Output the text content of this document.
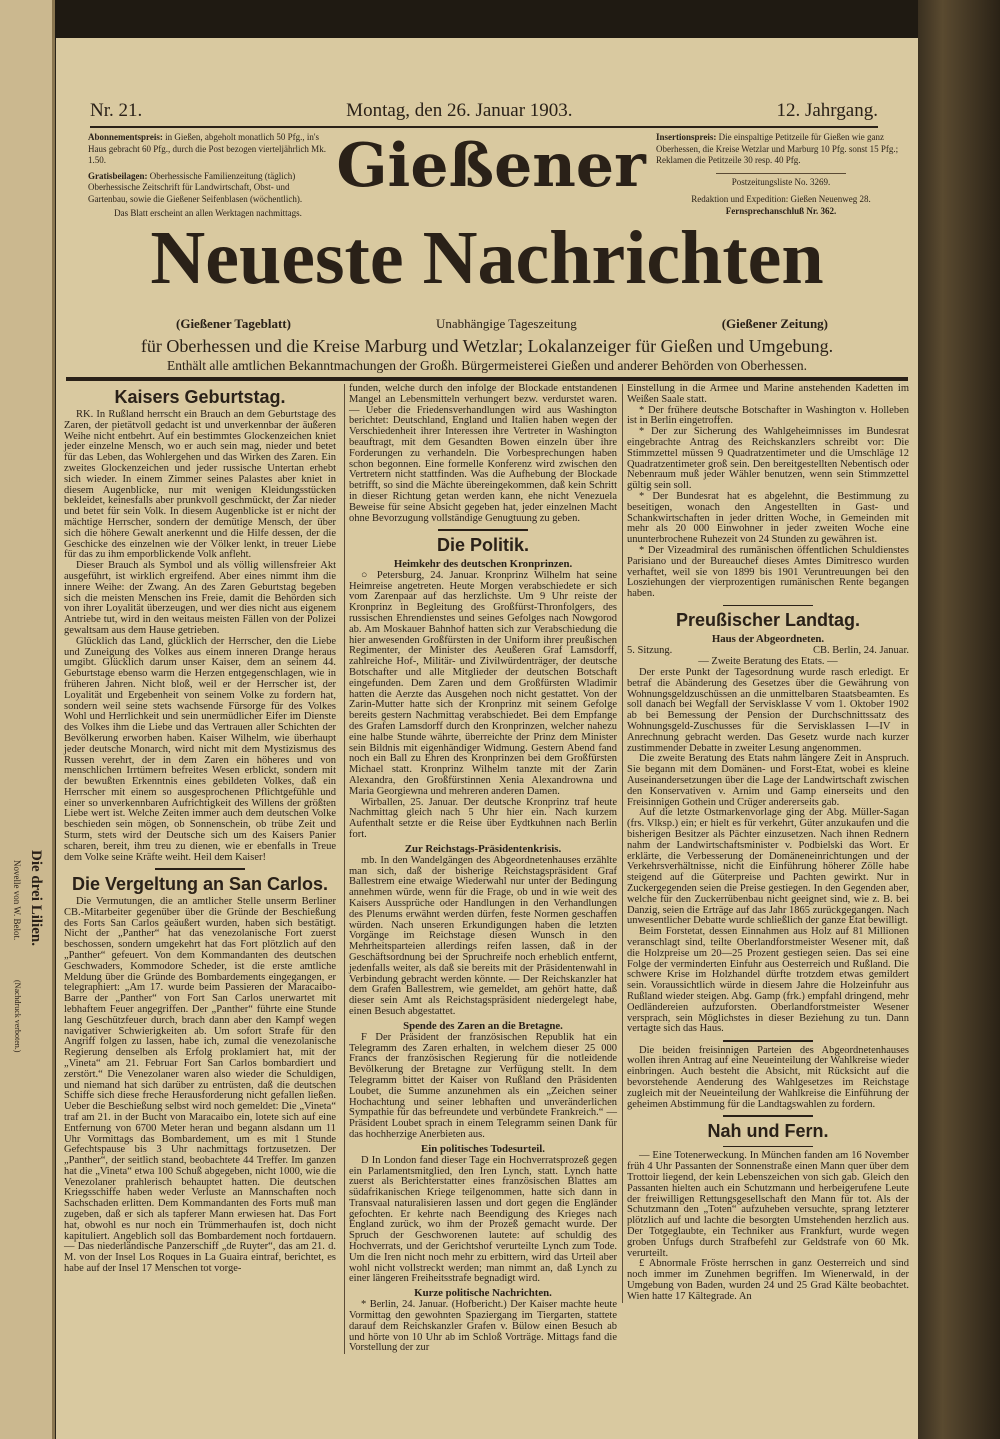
Die drei Lilien.
Novelle von W. Belot.
(Nachdruck verboten.)
Nr. 21.	Montag, den 26. Januar 1903.	12. Jahrgang.
Abonnementspreis: in Gießen, abgeholt monatlich 50 Pfg., in's Haus gebracht 60 Pfg., durch die Post bezogen vierteljährlich Mk. 1.50.
Gratisbeilagen: Oberhessische Familienzeitung (täglich) Oberhessische Zeitschrift für Landwirtschaft, Obst- und Gartenbau, sowie die Gießener Seifenblasen (wöchentlich).
Das Blatt erscheint an allen Werktagen nachmittags.
Gießener Insertionspreis: Die einspaltige Petitzeile für Gießen wie ganz Oberhessen, die Kreise Wetzlar und Marburg 10 Pfg. sonst 15 Pfg.; Reklamen die Petitzeile 30 resp. 40 Pfg.
Postzeitungsliste No. 3269.
Redaktion und Expedition: Gießen Neuenweg 28.
Fernsprechanschluß Nr. 362.
Neueste Nachrichten
(Gießener Tageblatt)	Unabhängige Tageszeitung	(Gießener Zeitung)
für Oberhessen und die Kreise Marburg und Wetzlar; Lokalanzeiger für Gießen und Umgebung.
Enthält alle amtlichen Bekanntmachungen der Großh. Bürgermeisterei Gießen und anderer Behörden von Oberhessen.
Kaisers Geburtstag.

RK. In Rußland herrscht ein Brauch an dem Geburtstage des Zaren, der pietätvoll gedacht ist und unverkennbar der äußeren Weihe nicht entbehrt. Auf ein bestimmtes Glockenzeichen kniet jeder einzelne Mensch, wo er auch sein mag, nieder und betet für das Leben, das Wohlergehen und das Wirken des Zaren. Ein zweites Glockenzeichen und jeder russische Untertan erhebt sich wieder. In einem Zimmer seines Palastes aber kniet in diesem Augenblicke, nur mit wenigen Kleidungsstücken bekleidet, keinesfalls aber prunkvoll geschmückt, der Zar nieder und betet für sein Volk. In diesem Augenblicke ist er nicht der mächtige Herrscher, sondern der demütige Mensch, der über sich die höhere Gewalt anerkennt und die Hilfe dessen, der die Geschicke des einzelnen wie der Völker lenkt, in treuer Liebe für das zu ihm emporblickende Volk anfleht.

Dieser Brauch als Symbol und als völlig willensfreier Akt ausgeführt, ist wirklich ergreifend. Aber eines nimmt ihm die innere Weihe: der Zwang. An des Zaren Geburtstag begeben sich die meisten Menschen ins Freie, damit die Behörden sich von ihrer Loyalität überzeugen, und wer dies nicht aus eigenem Antriebe tut, wird in den weitaus meisten Fällen von der Polizei gewaltsam aus dem Hause getrieben.

Glücklich das Land, glücklich der Herrscher, den die Liebe und Zuneigung des Volkes aus einem inneren Drange heraus umgibt. Glücklich darum unser Kaiser, dem an seinem 44. Geburtstage ebenso warm die Herzen entgegenschlagen, wie in früheren Jahren. Nicht bloß, weil er der Herrscher ist, der Loyalität und Ergebenheit von seinem Volke zu fordern hat, sondern weil seine stets wachsende Fürsorge für des Volkes Wohl und Herrlichkeit und sein unermüdlicher Eifer im Dienste des Volkes ihm die Liebe und das Vertrauen aller Schichten der Bevölkerung erworben haben. Kaiser Wilhelm, wie überhaupt jeder deutsche Monarch, wird nicht mit dem Mystizismus des Russen verehrt, der in dem Zaren ein höheres und von menschlichen Irrtümern befreites Wesen erblickt, sondern mit der bewußten Erkenntnis eines gebildeten Volkes, daß ein Herrscher mit einem so ausgesprochenen Pflichtgefühle und einer so unverkennbaren Aufrichtigkeit des Willens der größten Liebe wert ist. Welche Zeiten immer auch dem deutschen Volke beschieden sein mögen, ob Sonnenschein, ob trübe Zeit und Sturm, stets wird der Deutsche sich um des Kaisers Panier scharen, bereit, ihm treu zu dienen, wie er ebenfalls in Treue dem Volke seine Kräfte weiht. Heil dem Kaiser!

Die Vergeltung an San Carlos.

Die Vermutungen, die an amtlicher Stelle unserm Berliner CB.-Mitarbeiter gegenüber über die Gründe der Beschießung des Forts San Carlos geäußert wurden, haben sich bestätigt. Nicht der „Panther“ hat das venezolanische Fort zuerst beschossen, sondern umgekehrt hat das Fort plötzlich auf den „Panther“ gefeuert. Von dem Kommandanten des deutschen Geschwaders, Kommodore Scheder, ist die erste amtliche Meldung über die Gründe des Bombardements eingegangen, er telegraphiert: „Am 17. wurde beim Passieren der Maracaibo-Barre der „Panther“ von Fort San Carlos unerwartet mit lebhaftem Feuer angegriffen. Der „Panther“ führte eine Stunde lang Geschützfeuer durch, brach dann aber den Kampf wegen navigativer Schwierigkeiten ab. Um sofort Strafe für den Angriff folgen zu lassen, habe ich, zumal die venezolanische Regierung denselben als Erfolg proklamiert hat, mit der „Vineta“ am 21. Februar Fort San Carlos bombardiert und zerstört.“ Die Venezolaner waren also wieder die Schuldigen, und niemand hat sich darüber zu entrüsten, daß die deutschen Schiffe sich diese freche Herausforderung nicht gefallen ließen. Ueber die Beschießung selbst wird noch gemeldet: Die „Vineta“ traf am 21. in der Bucht von Maracaibo ein, lotete sich auf eine Entfernung von 6700 Meter heran und begann alsdann um 11 Uhr Vormittags das Bombardement, um es mit 1 Stunde Gefechtspause bis 3 Uhr nachmittags fortzusetzen. Der „Panther“, der seitlich stand, beobachtete 44 Treffer. Im ganzen hat die „Vineta“ etwa 100 Schuß abgegeben, nicht 1000, wie die Venezolaner prahlerisch behauptet hatten. Die deutschen Kriegsschiffe haben weder Verluste an Mannschaften noch Sachschaden erlitten. Dem Kommandanten des Forts muß man zugeben, daß er sich als tapferer Mann erwiesen hat. Das Fort hat, obwohl es nur noch ein Trümmerhaufen ist, doch nicht kapituliert. Angeblich soll das Bombardement noch fortdauern. — Das niederländische Panzerschiff „de Ruyter“, das am 21. d. M. von der Insel Los Roques in La Guaira eintraf, berichtet, es habe auf der Insel 17 Menschen tot vorge-

funden, welche durch den infolge der Blockade entstandenen Mangel an Lebensmitteln verhungert bezw. verdurstet waren. — Ueber die Friedensverhandlungen wird aus Washington berichtet: Deutschland, England und Italien haben wegen der Verschiedenheit ihrer Interessen ihre Vertreter in Washington beauftragt, mit dem Gesandten Bowen einzeln über ihre Forderungen zu verhandeln. Die Vorbesprechungen haben schon begonnen. Eine formelle Konferenz wird zwischen den Vertretern nicht stattfinden. Was die Aufhebung der Blockade betrifft, so sind die Mächte übereingekommen, daß kein Schritt in dieser Richtung getan werden kann, ehe nicht Venezuela Beweise für seine Absicht gegeben hat, jeder einzelnen Macht ohne Bevorzugung vollständige Genugtuung zu geben.

Die Politik.
Heimkehr des deutschen Kronprinzen.

○ Petersburg, 24. Januar. Kronprinz Wilhelm hat seine Heimreise angetreten. Heute Morgen verabschiedete er sich vom Zarenpaar auf das herzlichste. Um 9 Uhr reiste der Kronprinz in Begleitung des Großfürst-Thronfolgers, des russischen Ehrendienstes und seines Gefolges nach Nowgorod ab. Am Moskauer Bahnhof hatten sich zur Verabschiedung die hier anwesenden Großfürsten in der Uniform ihrer preußischen Regimenter, der Minister des Aeußeren Graf Lamsdorff, zahlreiche Hof-, Militär- und Zivilwürdenträger, der deutsche Botschafter und alle Mitglieder der deutschen Botschaft eingefunden. Dem Zaren und dem Großfürsten Wladimir hatten die Aerzte das Ausgehen noch nicht gestattet. Von der Zarin-Mutter hatte sich der Kronprinz mit seinem Gefolge bereits gestern Nachmittag verabschiedet. Bei dem Empfange des Grafen Lamsdorff durch den Kronprinzen, welcher nahezu eine halbe Stunde währte, überreichte der Prinz dem Minister sein Bildnis mit eigenhändiger Widmung. Gestern Abend fand noch ein Ball zu Ehren des Kronprinzen bei dem Großfürsten Michael statt. Kronprinz Wilhelm tanzte mit der Zarin Alexandra, den Großfürstinnen Xenia Alexandrowna und Maria Georgiewna und mehreren anderen Damen.

Wirballen, 25. Januar. Der deutsche Kronprinz traf heute Nachmittag gleich nach 5 Uhr hier ein. Nach kurzem Aufenthalt setzte er die Reise über Eydtkuhnen nach Berlin fort.

Zur Reichstags-Präsidentenkrisis.

mb. In den Wandelgängen des Abgeordnetenhauses erzählte man sich, daß der bisherige Reichstagspräsident Graf Ballestrem eine etwaige Wiederwahl nur unter der Bedingung annehmen würde, wenn für die Frage, ob und in wie weit des Kaisers Aussprüche oder Handlungen in den Verhandlungen des Plenums erwähnt werden dürfen, feste Normen geschaffen würden. Nach unseren Erkundigungen haben die letzten Vorgänge im Reichstage diesen Wunsch in den Mehrheitsparteien allerdings reifen lassen, daß in der Geschäftsordnung bei der Spruchreife noch erheblich entfernt, jedenfalls weiter, als daß sie bereits mit der Präsidentenwahl in Verbindung gebracht werden könnte. — Der Reichskanzler hat dem Grafen Ballestrem, wie gemeldet, am gehört hatte, daß dieser sein Amt als Reichstagspräsident niedergelegt habe, einen Besuch abgestattet.

Spende des Zaren an die Bretagne.

F Der Präsident der französischen Republik hat ein Telegramm des Zaren erhalten, in welchem dieser 25 000 Francs der französischen Regierung für die notleidende Bevölkerung der Bretagne zur Verfügung stellt. In dem Telegramm bittet der Kaiser von Rußland den Präsidenten Loubet, die Summe anzunehmen als ein „Zeichen seiner Hochachtung und seiner lebhaften und unveränderlichen Sympathie für das befreundete und verbündete Frankreich.“ — Präsident Loubet sprach in einem Telegramm seinen Dank für das hochherzige Anerbieten aus.

Ein politisches Todesurteil.

D In London fand dieser Tage ein Hochverratsprozeß gegen ein Parlamentsmitglied, den Iren Lynch, statt. Lynch hatte zuerst als Berichterstatter eines französischen Blattes am südafrikanischen Kriege teilgenommen, hatte sich dann in Transvaal naturalisieren lassen und dort gegen die Engländer gefochten. Er kehrte nach Beendigung des Krieges nach England zurück, wo ihm der Prozeß gemacht wurde. Der Spruch der Geschworenen lautete: auf schuldig des Hochverrats, und der Gerichtshof verurteilte Lynch zum Tode. Um die Iren nicht noch mehr zu erbittern, wird das Urteil aber wohl nicht vollstreckt werden; man nimmt an, daß Lynch zu einer längeren Freiheitsstrafe begnadigt wird.

Kurze politische Nachrichten.

* Berlin, 24. Januar. (Hofbericht.) Der Kaiser machte heute Vormittag den gewohnten Spaziergang im Tiergarten, stattete darauf dem Reichskanzler Grafen v. Bülow einen Besuch ab und hörte von 10 Uhr ab im Schloß Vorträge. Mittags fand die Vorstellung der zur

Einstellung in die Armee und Marine anstehenden Kadetten im Weißen Saale statt.

* Der frühere deutsche Botschafter in Washington v. Holleben ist in Berlin eingetroffen.

* Der zur Sicherung des Wahlgeheimnisses im Bundesrat eingebrachte Antrag des Reichskanzlers schreibt vor: Die Stimmzettel müssen 9 Quadratzentimeter und die Umschläge 12 Quadratzentimeter groß sein. Den bereitgestellten Nebentisch oder Nebenraum muß jeder Wähler benutzen, wenn sein Stimmzettel gültig sein soll.

* Der Bundesrat hat es abgelehnt, die Bestimmung zu beseitigen, wonach den Angestellten in Gast- und Schankwirtschaften in jeder dritten Woche, in Gemeinden mit mehr als 20 000 Einwohner in jeder zweiten Woche eine ununterbrochene Ruhezeit von 24 Stunden zu gewähren ist.

* Der Vizeadmiral des rumänischen öffentlichen Schuldienstes Parisiano und der Bureauchef dieses Amtes Dimitresco wurden verhaftet, weil sie von 1899 bis 1901 Veruntreuungen bei den Losziehungen der vierprozentigen rumänischen Rente begangen haben.

Preußischer Landtag.
Haus der Abgeordneten.
5. Sitzung.	CB. Berlin, 24. Januar.

— Zweite Beratung des Etats. —

Der erste Punkt der Tagesordnung wurde rasch erledigt. Er betraf die Abänderung des Gesetzes über die Gewährung von Wohnungsgeldzuschüssen an die unmittelbaren Staatsbeamten. Es soll danach bei Wegfall der Servisklasse V vom 1. Oktober 1902 ab bei Bemessung der Pension der Durchschnittssatz des Wohnungsgeld-Zuschusses für die Servisklassen I—IV in Anrechnung gebracht werden. Das Gesetz wurde nach kurzer zustimmender Debatte in zweiter Lesung angenommen.

Die zweite Beratung des Etats nahm längere Zeit in Anspruch. Sie begann mit dem Domänen- und Forst-Etat, wobei es kleine Auseinandersetzungen über die Lage der Landwirtschaft zwischen den Konservativen v. Arnim und Gamp einerseits und den Freisinnigen Gothein und Crüger andererseits gab.

Auf die letzte Ostmarkenvorlage ging der Abg. Müller-Sagan (frs. Vlksp.) ein; er hielt es für verkehrt, Güter anzukaufen und die bisherigen Besitzer als Pächter einzusetzen. Nach ihnen Rednern nahm der Landwirtschaftsminister v. Podbielski das Wort. Er erklärte, die Verbesserung der Domäneneinrichtungen und der Verkehrsverhältnisse, nicht die Einführung höherer Zölle habe steigend auf die Güterpreise und Pachten gewirkt. Nur in Zuckergegenden seien die Preise gestiegen. In den Gegenden aber, welche für den Zuckerrübenbau nicht geeignet sind, wie z. B. bei Danzig, seien die Erträge auf das Jahr 1865 zurückgegangen. Nach unwesentlicher Debatte wurde schließlich der ganze Etat bewilligt.

Beim Forstetat, dessen Einnahmen aus Holz auf 81 Millionen veranschlagt sind, teilte Oberlandforstmeister Wesener mit, daß die Holzpreise um 20—25 Prozent gestiegen seien. Das sei eine Folge der verminderten Einfuhr aus Oesterreich und Rußland. Die schwere Krise im Holzhandel dürfte trotzdem etwas gemildert sein. Voraussichtlich würde in diesem Jahre die Holzeinfuhr aus Rußland wieder steigen. Abg. Gamp (frk.) empfahl dringend, mehr Oedländereien aufzuforsten. Oberlandforstmeister Wesener versprach, sein Möglichstes in dieser Beziehung zu tun. Dann vertagte sich das Haus.

Die beiden freisinnigen Parteien des Abgeordnetenhauses wollen ihren Antrag auf eine Neueinteilung der Wahlkreise wieder einbringen. Auch besteht die Absicht, mit Rücksicht auf die bevorstehende Aenderung des Wahlgesetzes im Reichstage zugleich mit der Neueinteilung der Wahlkreise die Einführung der geheimen Abstimmung für die Landtagswahlen zu fordern.

Nah und Fern.

— Eine Totenerweckung. In München fanden am 16 November früh 4 Uhr Passanten der Sonnenstraße einen Mann quer über dem Trottoir liegend, der kein Lebenszeichen von sich gab. Gleich den Passanten hielten auch ein Schutzmann und herbeigerufene Leute der freiwilligen Rettungsgesellschaft den Mann für tot. Als der Schutzmann den „Toten“ aufzuheben versuchte, sprang letzterer plötzlich auf und lachte die besorgten Umstehenden herzlich aus. Der Totgeglaubte, ein Techniker aus Frankfurt, wurde wegen groben Unfugs durch Strafbefehl zur Geldstrafe von 60 Mk. verurteilt.

£ Abnormale Fröste herrschen in ganz Oesterreich und sind noch immer im Zunehmen begriffen. Im Wienerwald, in der Umgebung von Baden, wurden 24 und 25 Grad Kälte beobachtet. Wien hatte 17 Kältegrade. An
